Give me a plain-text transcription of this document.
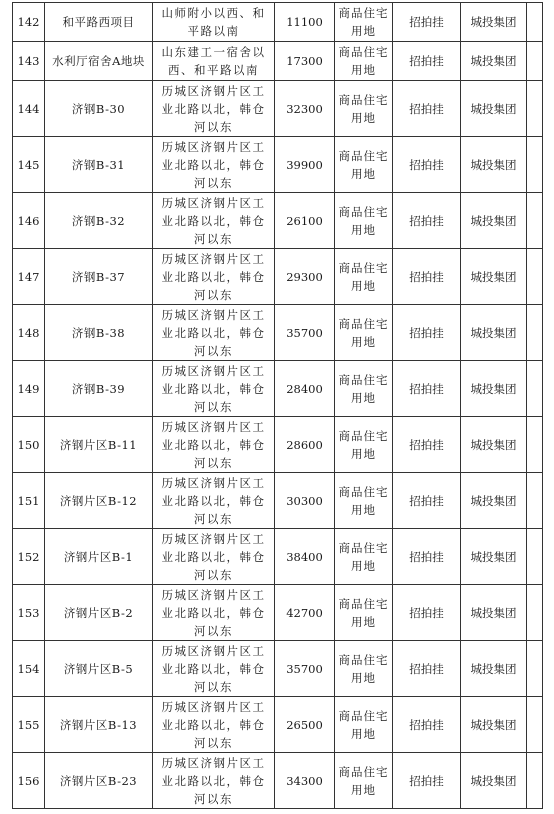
142	和平路西项目	山师附小以西、和平路以南	11100	商品住宅用地	招拍挂	城投集团	
143	水利厅宿舍A地块	山东建工一宿舍以西、和平路以南	17300	商品住宅用地	招拍挂	城投集团	
144	济钢B-30	历城区济钢片区工业北路以北，韩仓河以东	32300	商品住宅用地	招拍挂	城投集团	
145	济钢B-31	历城区济钢片区工业北路以北，韩仓河以东	39900	商品住宅用地	招拍挂	城投集团	
146	济钢B-32	历城区济钢片区工业北路以北，韩仓河以东	26100	商品住宅用地	招拍挂	城投集团	
147	济钢B-37	历城区济钢片区工业北路以北，韩仓河以东	29300	商品住宅用地	招拍挂	城投集团	
148	济钢B-38	历城区济钢片区工业北路以北，韩仓河以东	35700	商品住宅用地	招拍挂	城投集团	
149	济钢B-39	历城区济钢片区工业北路以北，韩仓河以东	28400	商品住宅用地	招拍挂	城投集团	
150	济钢片区B-11	历城区济钢片区工业北路以北，韩仓河以东	28600	商品住宅用地	招拍挂	城投集团	
151	济钢片区B-12	历城区济钢片区工业北路以北，韩仓河以东	30300	商品住宅用地	招拍挂	城投集团	
152	济钢片区B-1	历城区济钢片区工业北路以北，韩仓河以东	38400	商品住宅用地	招拍挂	城投集团	
153	济钢片区B-2	历城区济钢片区工业北路以北，韩仓河以东	42700	商品住宅用地	招拍挂	城投集团	
154	济钢片区B-5	历城区济钢片区工业北路以北，韩仓河以东	35700	商品住宅用地	招拍挂	城投集团	
155	济钢片区B-13	历城区济钢片区工业北路以北，韩仓河以东	26500	商品住宅用地	招拍挂	城投集团	
156	济钢片区B-23	历城区济钢片区工业北路以北，韩仓河以东	34300	商品住宅用地	招拍挂	城投集团	
